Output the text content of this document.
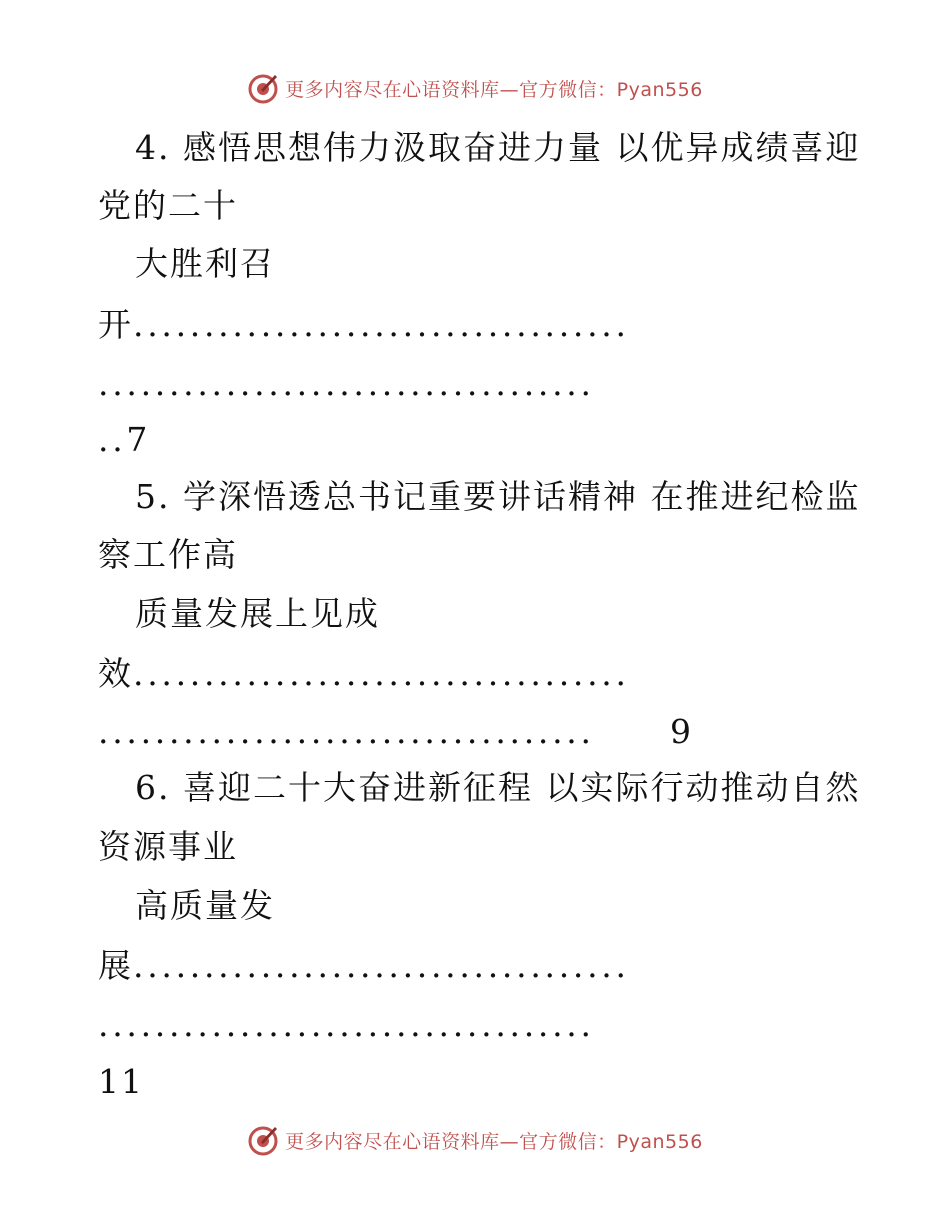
更多内容尽在心语资料库—官方微信：Pyan556
4. 感悟思想伟力汲取奋进力量 以优异成绩喜迎
党的二十
大胜利召
开...................................
...................................
..7
5. 学深悟透总书记重要讲话精神 在推进纪检监
察工作高
质量发展上见成
效...................................
................................... 9
6. 喜迎二十大奋进新征程 以实际行动推动自然
资源事业
高质量发
展...................................
...................................
11
更多内容尽在心语资料库—官方微信：Pyan556
